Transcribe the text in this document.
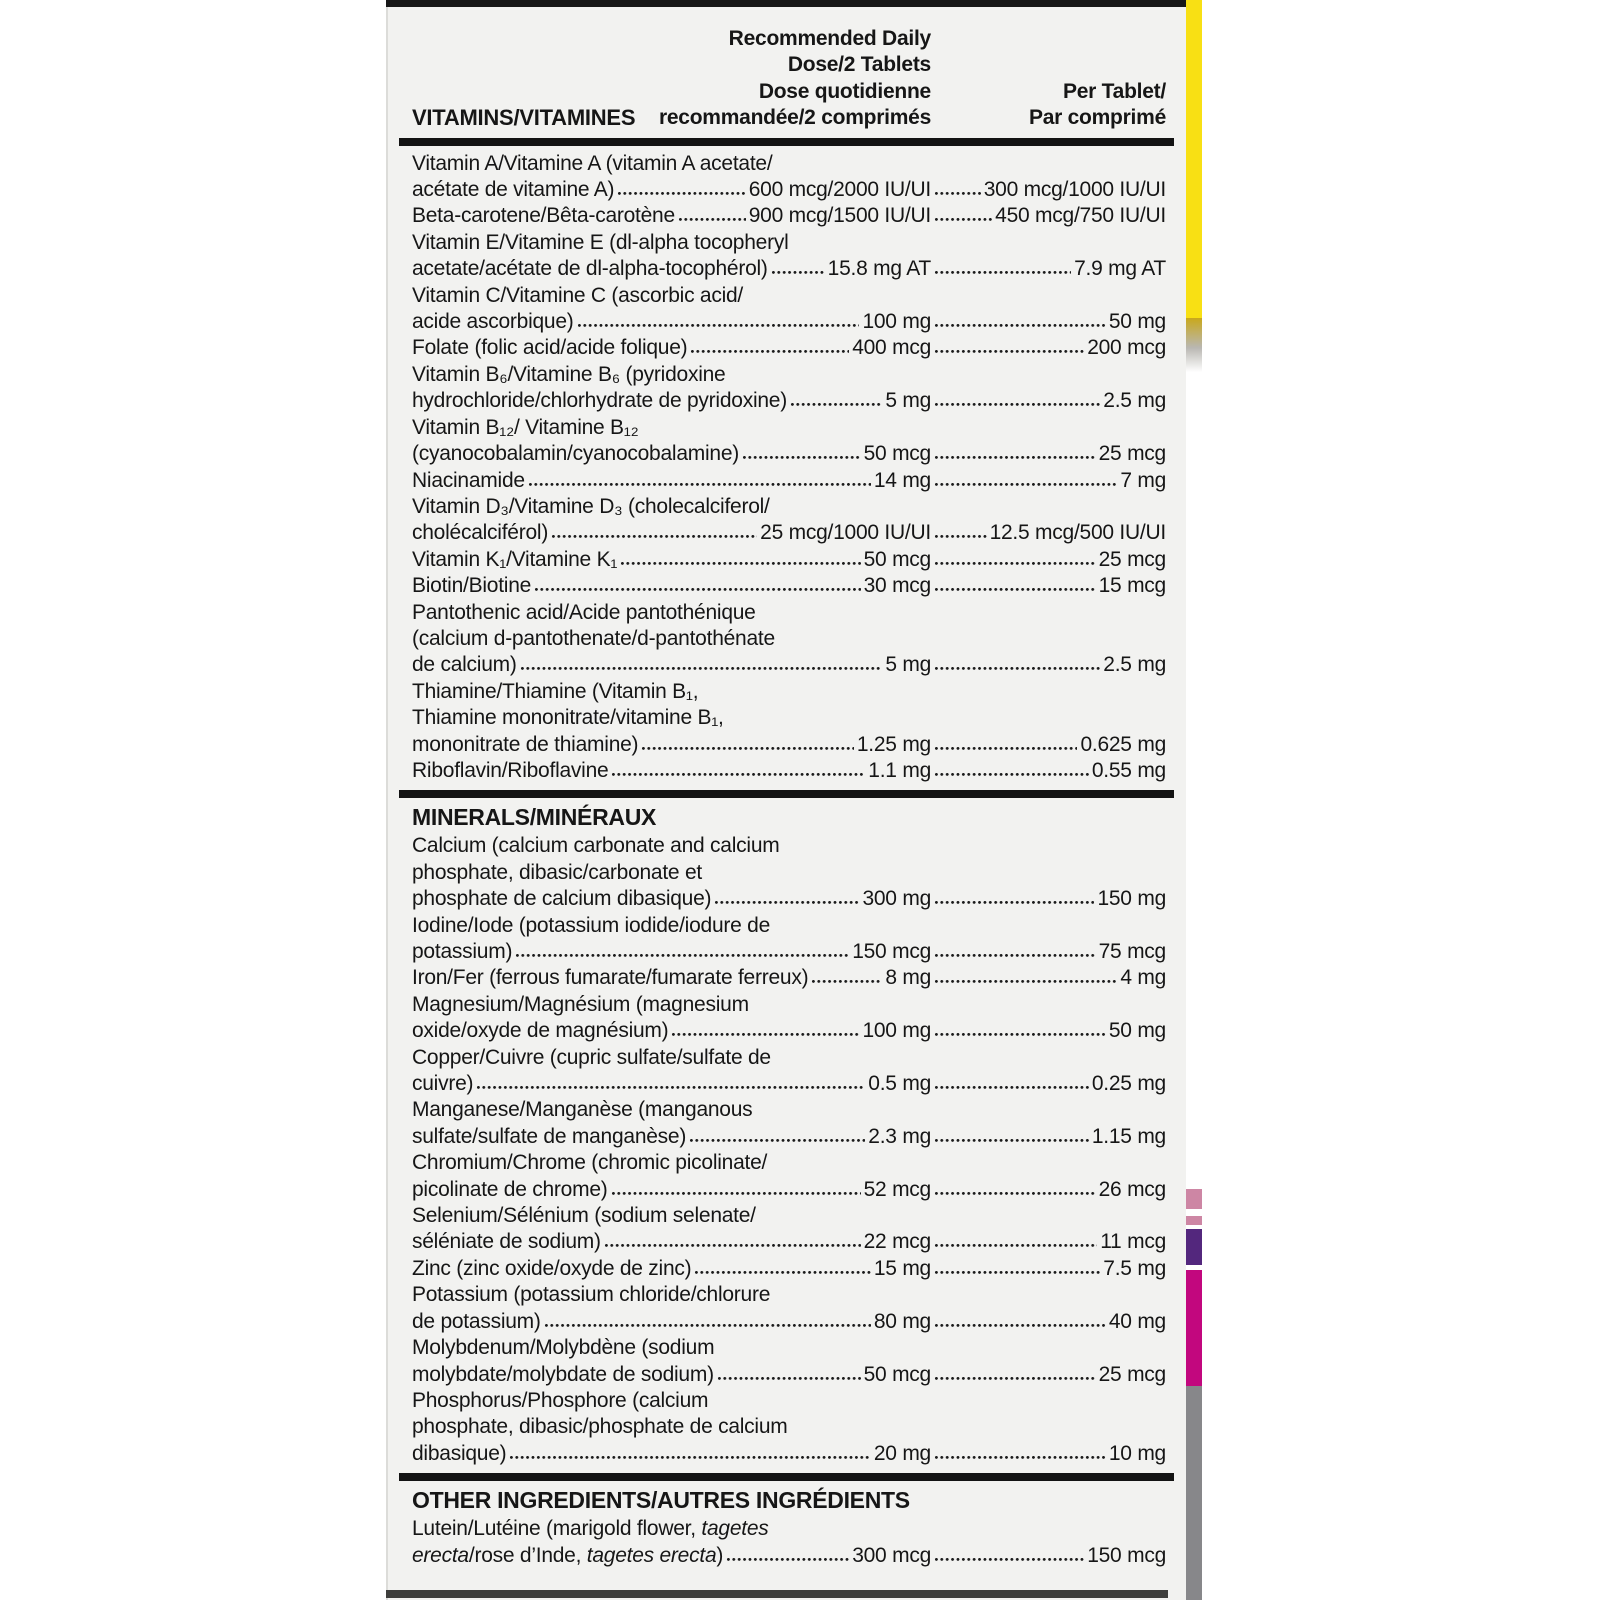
VITAMINS/VITAMINES
Recommended Daily
Dose/2 Tablets
Dose quotidienne
recommandée/2 comprimés
Per Tablet/
Par comprimé
Vitamin A/Vitamine A (vitamin A acetate/
acétate de vitamine A)	600 mcg/2000 IU/UI	300 mcg/1000 IU/UI
Beta-carotene/Bêta-carotène	900 mcg/1500 IU/UI	450 mcg/750 IU/UI
Vitamin E/Vitamine E (dl-alpha tocopheryl
acetate/acétate de dl-alpha-tocophérol)	15.8 mg AT	7.9 mg AT
Vitamin C/Vitamine C (ascorbic acid/
acide ascorbique)	100 mg	50 mg
Folate (folic acid/acide folique)	400 mcg	200 mcg
Vitamin B₆/Vitamine B₆ (pyridoxine
hydrochloride/chlorhydrate de pyridoxine)	5 mg	2.5 mg
Vitamin B₁₂/ Vitamine B₁₂
(cyanocobalamin/cyanocobalamine)	50 mcg	25 mcg
Niacinamide	14 mg	7 mg
Vitamin D₃/Vitamine D₃ (cholecalciferol/
cholécalciférol)	25 mcg/1000 IU/UI	12.5 mcg/500 IU/UI
Vitamin K₁/Vitamine K₁	50 mcg	25 mcg
Biotin/Biotine	30 mcg	15 mcg
Pantothenic acid/Acide pantothénique
(calcium d-pantothenate/d-pantothénate
de calcium)	5 mg	2.5 mg
Thiamine/Thiamine (Vitamin B₁,
Thiamine mononitrate/vitamine B₁,
mononitrate de thiamine)	1.25 mg	0.625 mg
Riboflavin/Riboflavine	1.1 mg	0.55 mg
MINERALS/MINÉRAUX
Calcium (calcium carbonate and calcium
phosphate, dibasic/carbonate et
phosphate de calcium dibasique)	300 mg	150 mg
Iodine/Iode (potassium iodide/iodure de
potassium)	150 mcg	75 mcg
Iron/Fer (ferrous fumarate/fumarate ferreux)	8 mg	4 mg
Magnesium/Magnésium (magnesium
oxide/oxyde de magnésium)	100 mg	50 mg
Copper/Cuivre (cupric sulfate/sulfate de
cuivre)	0.5 mg	0.25 mg
Manganese/Manganèse (manganous
sulfate/sulfate de manganèse)	2.3 mg	1.15 mg
Chromium/Chrome (chromic picolinate/
picolinate de chrome)	52 mcg	26 mcg
Selenium/Sélénium (sodium selenate/
séléniate de sodium)	22 mcg	11 mcg
Zinc (zinc oxide/oxyde de zinc)	15 mg	7.5 mg
Potassium (potassium chloride/chlorure
de potassium)	80 mg	40 mg
Molybdenum/Molybdène (sodium
molybdate/molybdate de sodium)	50 mcg	25 mcg
Phosphorus/Phosphore (calcium
phosphate, dibasic/phosphate de calcium
dibasique)	20 mg	10 mg
OTHER INGREDIENTS/AUTRES INGRÉDIENTS
Lutein/Lutéine (marigold flower, tagetes
erecta/rose d’Inde, tagetes erecta)	300 mcg	150 mcg
